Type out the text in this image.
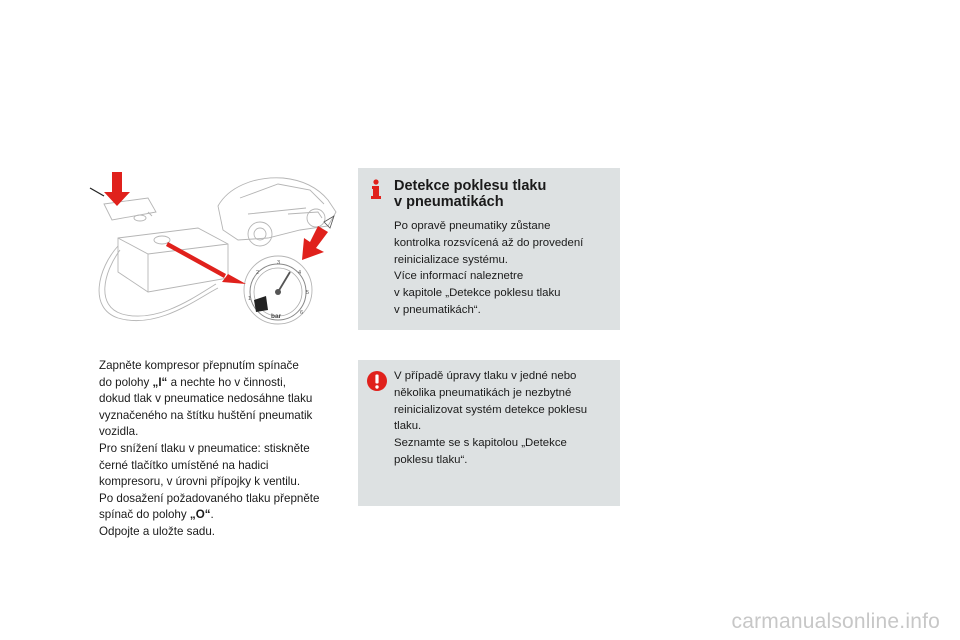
1
2
3
4
5
6
bar
Zapněte kompresor přepnutím spínače
do polohy „I“ a nechte ho v činnosti,
dokud tlak v pneumatice nedosáhne tlaku
vyznačeného na štítku huštění pneumatik
vozidla.
Pro snížení tlaku v pneumatice: stiskněte
černé tlačítko umístěné na hadici
kompresoru, v úrovni přípojky k ventilu.
Po dosažení požadovaného tlaku přepněte
spínač do polohy „O“.
Odpojte a uložte sadu.
Detekce poklesu tlaku
v pneumatikách
Po opravě pneumatiky zůstane
kontrolka rozsvícená až do provedení
reinicializace systému.
Více informací naleznetre
v kapitole „Detekce poklesu tlaku
v pneumatikách“.
V případě úpravy tlaku v jedné nebo
několika pneumatikách je nezbytné
reinicializovat systém detekce poklesu
tlaku.
Seznamte se s kapitolou „Detekce
poklesu tlaku“.
carmanualsonline.info
